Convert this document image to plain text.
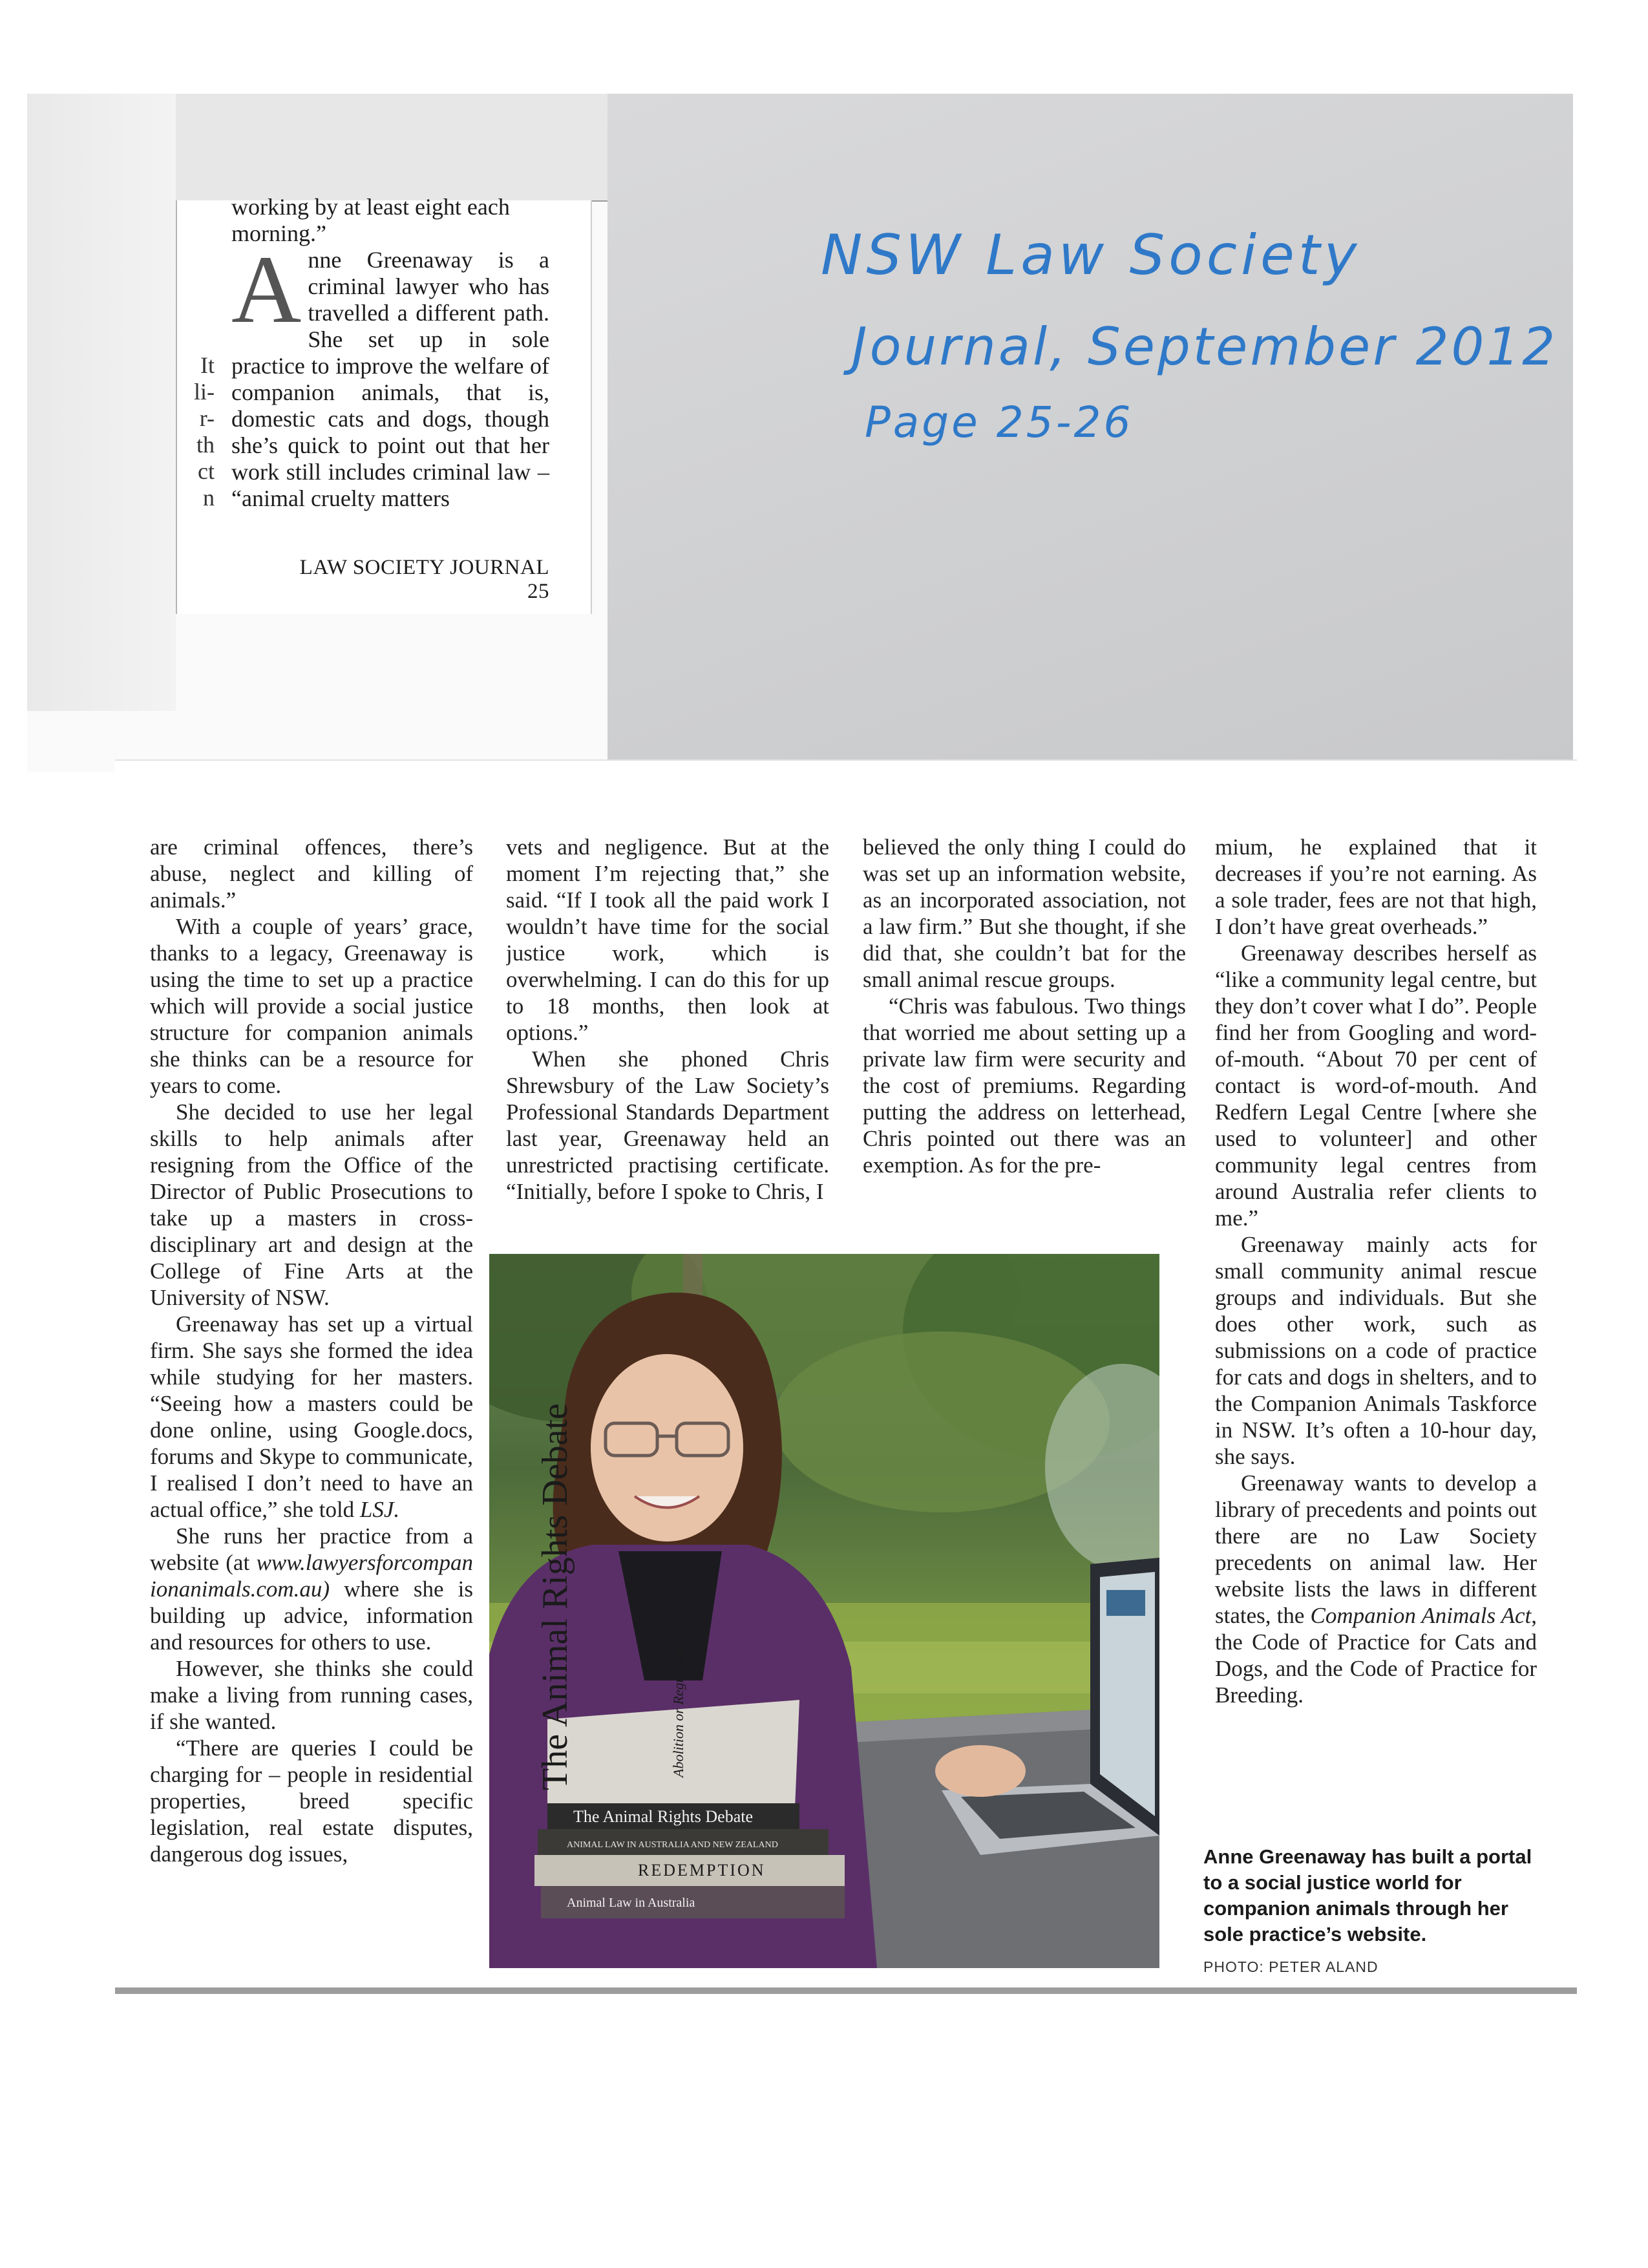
It
li-
r-
th
ct
n

working by at least eight each morning.”

Anne Greenaway is a criminal lawyer who has travelled a different path. She set up in sole practice to improve the welfare of companion animals, that is, domestic cats and dogs, though she’s quick to point out that her work still includes criminal law – “animal cruelty matters

LAW SOCIETY JOURNAL 25
NSW Law Society
Journal, September 2012
Page 25-26

are criminal offences, there’s abuse, neglect and killing of animals.”

With a couple of years’ grace, thanks to a legacy, Greenaway is using the time to set up a practice which will provide a social justice structure for companion animals she thinks can be a resource for years to come.

She decided to use her legal skills to help animals after resigning from the Office of the Director of Public Prosecutions to take up a masters in cross-disciplinary art and design at the College of Fine Arts at the University of NSW.

Greenaway has set up a virtual firm. She says she formed the idea while studying for her masters. “Seeing how a masters could be done online, using Google.docs, forums and Skype to communicate, I realised I don’t need to have an actual office,” she told LSJ.

She runs her practice from a website (at www.lawyersforcompanionanimals.com.au) where she is building up advice, information and resources for others to use.

However, she thinks she could make a living from running cases, if she wanted.

“There are queries I could be charging for – people in residential properties, breed specific legislation, real estate disputes, dangerous dog issues,

vets and negligence. But at the moment I’m rejecting that,” she said. “If I took all the paid work I wouldn’t have time for the social justice work, which is overwhelming. I can do this for up to 18 months, then look at options.”

When she phoned Chris Shrewsbury of the Law Society’s Professional Standards Department last year, Greenaway held an unrestricted practising certificate. “Initially, before I spoke to Chris, I

believed the only thing I could do was set up an information website, as an incorporated association, not a law firm.” But she thought, if she did that, she couldn’t bat for the small animal rescue groups.

“Chris was fabulous. Two things that worried me about setting up a private law firm were security and the cost of premiums. Regarding putting the address on letterhead, Chris pointed out there was an exemption. As for the pre-

mium, he explained that it decreases if you’re not earning. As a sole trader, fees are not that high, I don’t have great overheads.”

Greenaway describes herself as “like a community legal centre, but they don’t cover what I do”. People find her from Googling and word-of-mouth. “About 70 per cent of contact is word-of-mouth. And Redfern Legal Centre [where she used to volunteer] and other community legal centres from around Australia refer clients to me.”

Greenaway mainly acts for small community animal rescue groups and individuals. But she does other work, such as submissions on a code of practice for cats and dogs in shelters, and to the Companion Animals Taskforce in NSW. It’s often a 10-hour day, she says.

Greenaway wants to develop a library of precedents and points out there are no Law Society precedents on animal law. Her website lists the laws in different states, the Companion Animals Act, the Code of Practice for Cats and Dogs, and the Code of Practice for Breeding.

The Animal Rights Debate	Abolition or Regulation?
The Animal Rights Debate
ANIMAL LAW IN AUSTRALIA AND NEW ZEALAND
REDEMPTION
Animal Law in Australia
Anne Greenaway has built a portal to a social justice world for companion animals through her sole practice’s website.
PHOTO: PETER ALAND
